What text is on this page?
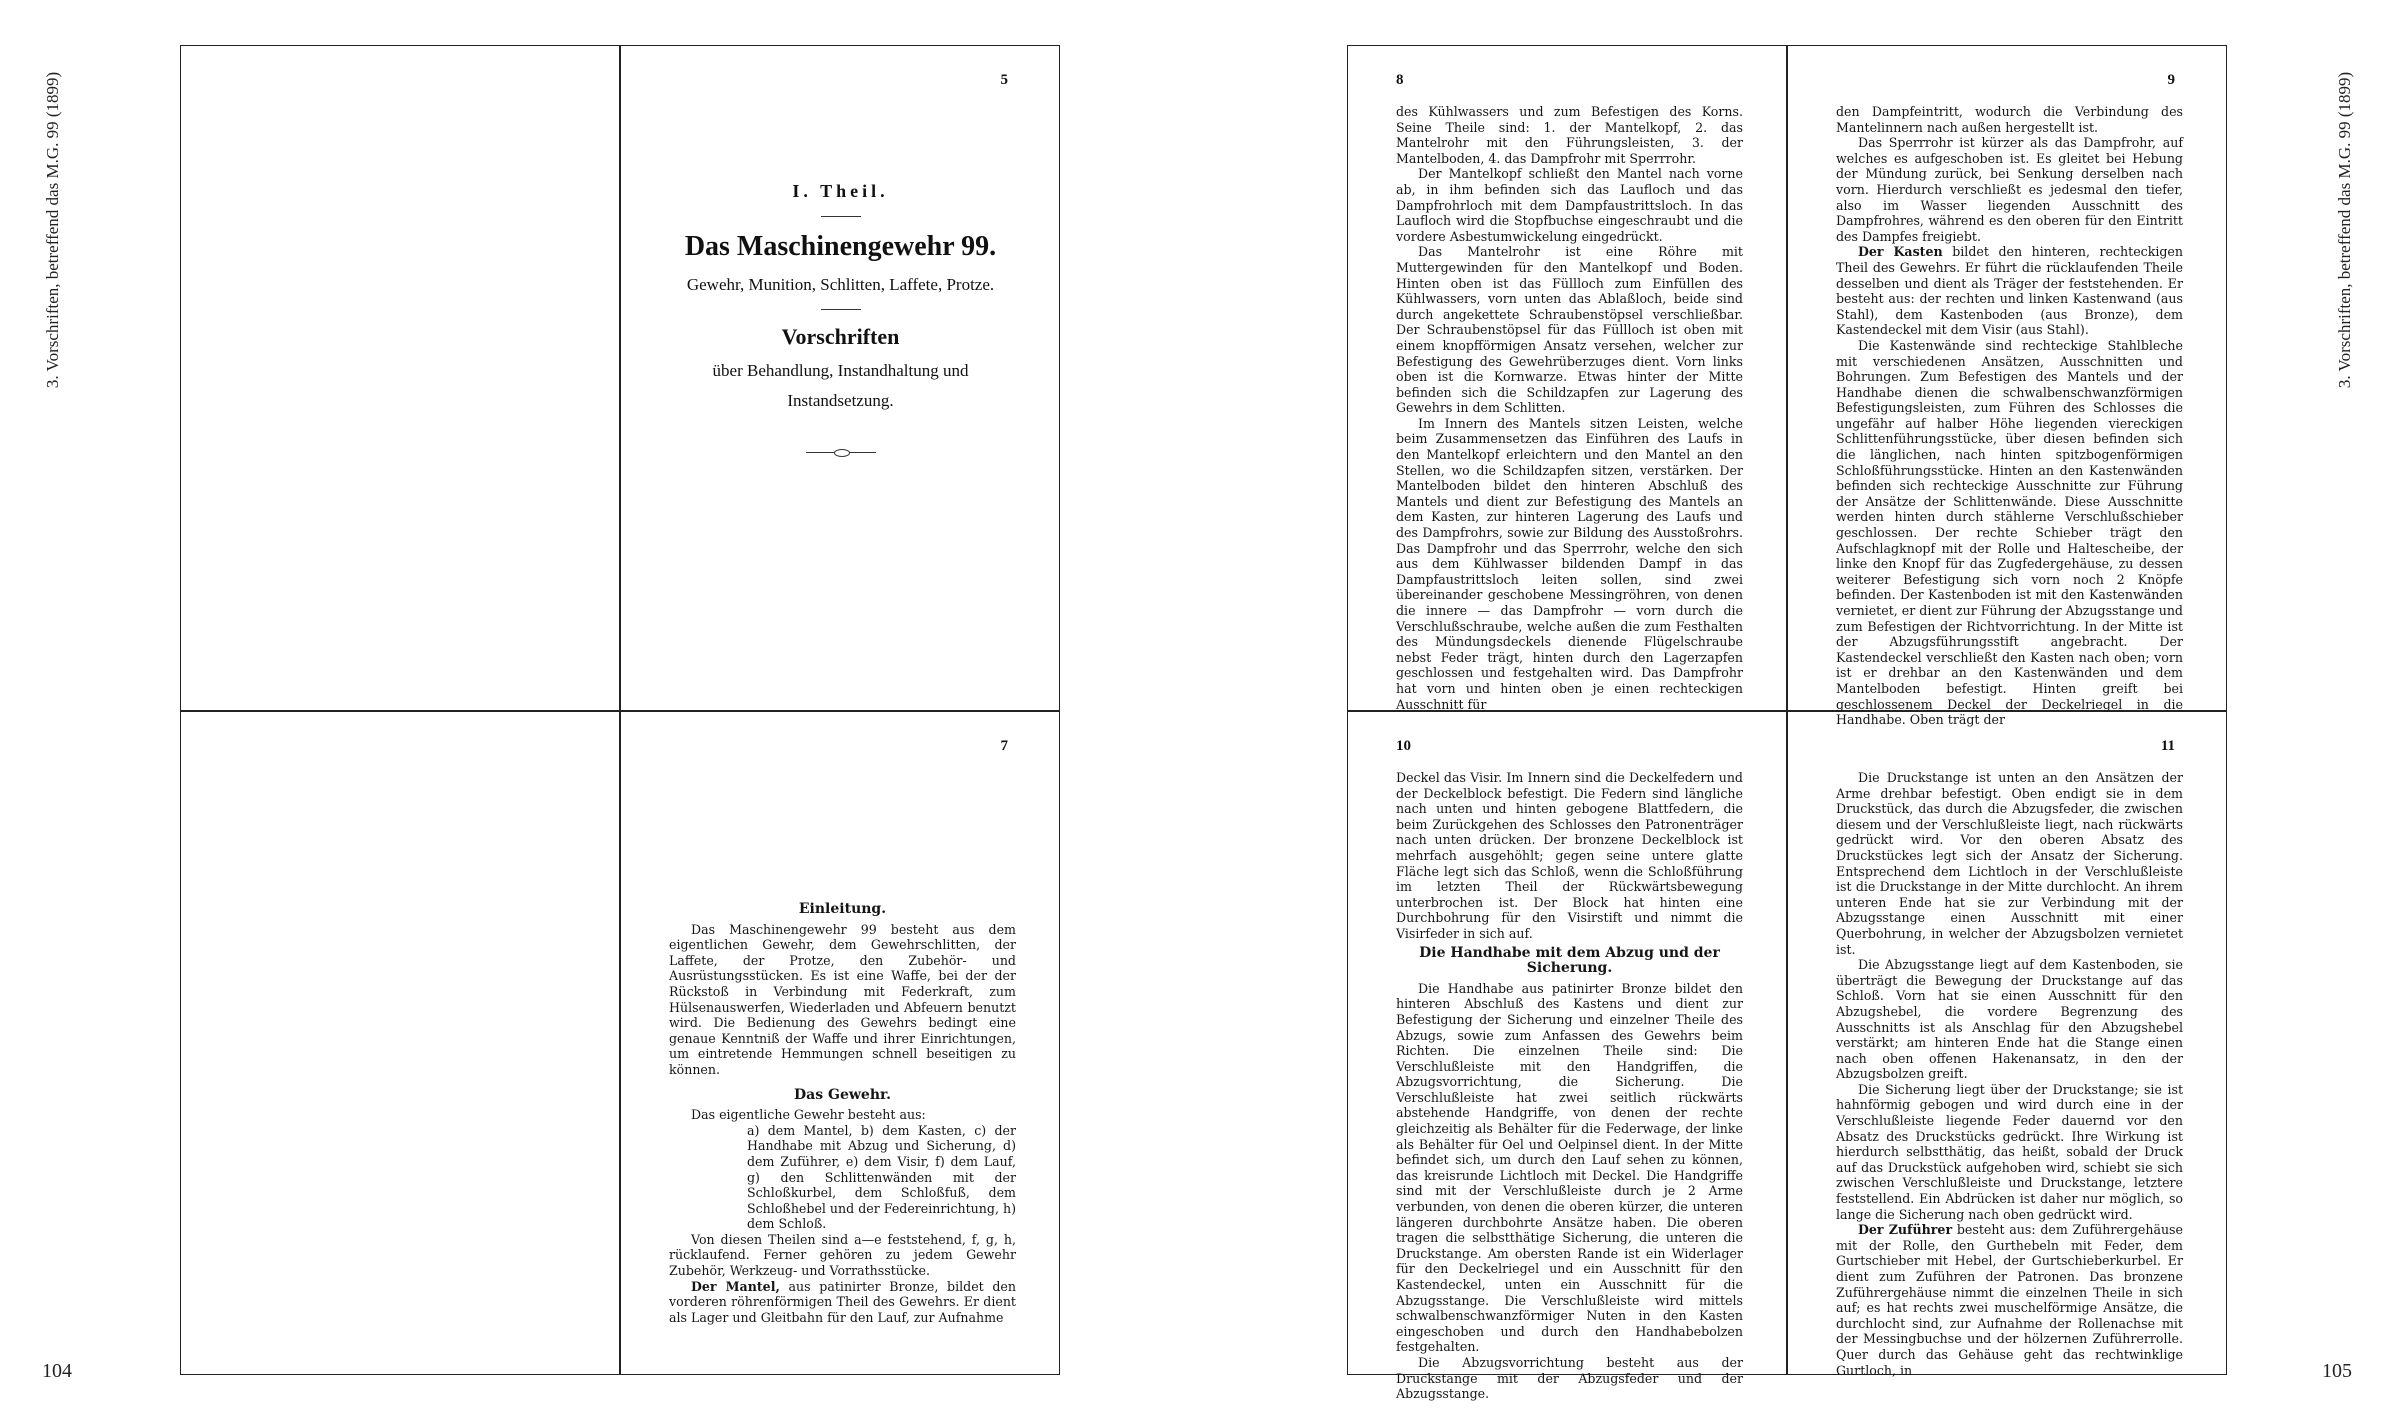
3. Vorschriften, betreffend das M.G. 99 (1899)	3. Vorschriften, betreffend das M.G. 99 (1899)
104	105
5
I. Theil.
Das Maschinengewehr 99.
Gewehr, Munition, Schlitten, Laffete, Protze.
Vorschriften
über Behandlung, Instandhaltung und
Instandsetzung.
7

Einleitung.

Das Maschinengewehr 99 besteht aus dem eigentlichen Gewehr, dem Gewehrschlitten, der Laffete, der Protze, den Zubehör- und Ausrüstungsstücken. Es ist eine Waffe, bei der der Rückstoß in Verbindung mit Federkraft, zum Hülsenauswerfen, Wiederladen und Abfeuern benutzt wird. Die Bedienung des Gewehrs bedingt eine genaue Kenntniß der Waffe und ihrer Einrichtungen, um eintretende Hemmungen schnell beseitigen zu können.

Das Gewehr.

Das eigentliche Gewehr besteht aus:

a) dem Mantel, b) dem Kasten, c) der Handhabe mit Abzug und Sicherung, d) dem Zuführer, e) dem Visir, f) dem Lauf, g) den Schlittenwänden mit der Schloßkurbel, dem Schloßfuß, dem Schloßhebel und der Federeinrichtung, h) dem Schloß.

Von diesen Theilen sind a—e feststehend, f, g, h, rücklaufend. Ferner gehören zu jedem Gewehr Zubehör, Werkzeug- und Vorrathsstücke.

Der Mantel, aus patinirter Bronze, bildet den vorderen röhrenförmigen Theil des Gewehrs. Er dient als Lager und Gleitbahn für den Lauf, zur Aufnahme

8

des Kühlwassers und zum Befestigen des Korns. Seine Theile sind: 1. der Mantelkopf, 2. das Mantelrohr mit den Führungsleisten, 3. der Mantelboden, 4. das Dampfrohr mit Sperrrohr.

Der Mantelkopf schließt den Mantel nach vorne ab, in ihm befinden sich das Laufloch und das Dampfrohrloch mit dem Dampfaustrittsloch. In das Laufloch wird die Stopfbuchse eingeschraubt und die vordere Asbestumwickelung eingedrückt.

Das Mantelrohr ist eine Röhre mit Muttergewinden für den Mantelkopf und Boden. Hinten oben ist das Füllloch zum Einfüllen des Kühlwassers, vorn unten das Ablaßloch, beide sind durch angekettete Schraubenstöpsel verschließbar. Der Schraubenstöpsel für das Füllloch ist oben mit einem knopfförmigen Ansatz versehen, welcher zur Befestigung des Gewehrüberzuges dient. Vorn links oben ist die Kornwarze. Etwas hinter der Mitte befinden sich die Schildzapfen zur Lagerung des Gewehrs in dem Schlitten.

Im Innern des Mantels sitzen Leisten, welche beim Zusammensetzen das Einführen des Laufs in den Mantelkopf erleichtern und den Mantel an den Stellen, wo die Schildzapfen sitzen, verstärken. Der Mantelboden bildet den hinteren Abschluß des Mantels und dient zur Befestigung des Mantels an dem Kasten, zur hinteren Lagerung des Laufs und des Dampfrohrs, sowie zur Bildung des Ausstoßrohrs. Das Dampfrohr und das Sperrrohr, welche den sich aus dem Kühlwasser bildenden Dampf in das Dampfaustrittsloch leiten sollen, sind zwei übereinander geschobene Messingröhren, von denen die innere — das Dampfrohr — vorn durch die Verschlußschraube, welche außen die zum Festhalten des Mündungsdeckels dienende Flügelschraube nebst Feder trägt, hinten durch den Lagerzapfen geschlossen und festgehalten wird. Das Dampfrohr hat vorn und hinten oben je einen rechteckigen Ausschnitt für

9

den Dampfeintritt, wodurch die Verbindung des Mantelinnern nach außen hergestellt ist.

Das Sperrrohr ist kürzer als das Dampfrohr, auf welches es aufgeschoben ist. Es gleitet bei Hebung der Mündung zurück, bei Senkung derselben nach vorn. Hierdurch verschließt es jedesmal den tiefer, also im Wasser liegenden Ausschnitt des Dampfrohres, während es den oberen für den Eintritt des Dampfes freigiebt.

Der Kasten bildet den hinteren, rechteckigen Theil des Gewehrs. Er führt die rücklaufenden Theile desselben und dient als Träger der feststehenden. Er besteht aus: der rechten und linken Kastenwand (aus Stahl), dem Kastenboden (aus Bronze), dem Kastendeckel mit dem Visir (aus Stahl).

Die Kastenwände sind rechteckige Stahlbleche mit verschiedenen Ansätzen, Ausschnitten und Bohrungen. Zum Befestigen des Mantels und der Handhabe dienen die schwalbenschwanzförmigen Befestigungsleisten, zum Führen des Schlosses die ungefähr auf halber Höhe liegenden viereckigen Schlittenführungsstücke, über diesen befinden sich die länglichen, nach hinten spitzbogenförmigen Schloßführungsstücke. Hinten an den Kastenwänden befinden sich rechteckige Ausschnitte zur Führung der Ansätze der Schlittenwände. Diese Ausschnitte werden hinten durch stählerne Verschlußschieber geschlossen. Der rechte Schieber trägt den Aufschlagknopf mit der Rolle und Haltescheibe, der linke den Knopf für das Zugfedergehäuse, zu dessen weiterer Befestigung sich vorn noch 2 Knöpfe befinden. Der Kastenboden ist mit den Kastenwänden vernietet, er dient zur Führung der Abzugsstange und zum Befestigen der Richtvorrichtung. In der Mitte ist der Abzugsführungsstift angebracht. Der Kastendeckel verschließt den Kasten nach oben; vorn ist er drehbar an den Kastenwänden und dem Mantelboden befestigt. Hinten greift bei geschlossenem Deckel der Deckelriegel in die Handhabe. Oben trägt der

10

Deckel das Visir. Im Innern sind die Deckelfedern und der Deckelblock befestigt. Die Federn sind längliche nach unten und hinten gebogene Blattfedern, die beim Zurückgehen des Schlosses den Patronenträger nach unten drücken. Der bronzene Deckelblock ist mehrfach ausgehöhlt; gegen seine untere glatte Fläche legt sich das Schloß, wenn die Schloßführung im letzten Theil der Rückwärtsbewegung unterbrochen ist. Der Block hat hinten eine Durchbohrung für den Visirstift und nimmt die Visirfeder in sich auf.

Die Handhabe mit dem Abzug und der Sicherung.

Die Handhabe aus patinirter Bronze bildet den hinteren Abschluß des Kastens und dient zur Befestigung der Sicherung und einzelner Theile des Abzugs, sowie zum Anfassen des Gewehrs beim Richten. Die einzelnen Theile sind: Die Verschlußleiste mit den Handgriffen, die Abzugsvorrichtung, die Sicherung. Die Verschlußleiste hat zwei seitlich rückwärts abstehende Handgriffe, von denen der rechte gleichzeitig als Behälter für die Federwage, der linke als Behälter für Oel und Oelpinsel dient. In der Mitte befindet sich, um durch den Lauf sehen zu können, das kreisrunde Lichtloch mit Deckel. Die Handgriffe sind mit der Verschlußleiste durch je 2 Arme verbunden, von denen die oberen kürzer, die unteren längeren durchbohrte Ansätze haben. Die oberen tragen die selbstthätige Sicherung, die unteren die Druckstange. Am obersten Rande ist ein Widerlager für den Deckelriegel und ein Ausschnitt für den Kastendeckel, unten ein Ausschnitt für die Abzugsstange. Die Verschlußleiste wird mittels schwalbenschwanzförmiger Nuten in den Kasten eingeschoben und durch den Handhabebolzen festgehalten.

Die Abzugsvorrichtung besteht aus der Druckstange mit der Abzugsfeder und der Abzugsstange.

11

Die Druckstange ist unten an den Ansätzen der Arme drehbar befestigt. Oben endigt sie in dem Druckstück, das durch die Abzugsfeder, die zwischen diesem und der Verschlußleiste liegt, nach rückwärts gedrückt wird. Vor den oberen Absatz des Druckstückes legt sich der Ansatz der Sicherung. Entsprechend dem Lichtloch in der Verschlußleiste ist die Druckstange in der Mitte durchlocht. An ihrem unteren Ende hat sie zur Verbindung mit der Abzugsstange einen Ausschnitt mit einer Querbohrung, in welcher der Abzugsbolzen vernietet ist.

Die Abzugsstange liegt auf dem Kastenboden, sie überträgt die Bewegung der Druckstange auf das Schloß. Vorn hat sie einen Ausschnitt für den Abzugshebel, die vordere Begrenzung des Ausschnitts ist als Anschlag für den Abzugshebel verstärkt; am hinteren Ende hat die Stange einen nach oben offenen Hakenansatz, in den der Abzugsbolzen greift.

Die Sicherung liegt über der Druckstange; sie ist hahnförmig gebogen und wird durch eine in der Verschlußleiste liegende Feder dauernd vor den Absatz des Druckstücks gedrückt. Ihre Wirkung ist hierdurch selbstthätig, das heißt, sobald der Druck auf das Druckstück aufgehoben wird, schiebt sie sich zwischen Verschlußleiste und Druckstange, letztere feststellend. Ein Abdrücken ist daher nur möglich, so lange die Sicherung nach oben gedrückt wird.

Der Zuführer besteht aus: dem Zuführergehäuse mit der Rolle, den Gurthebeln mit Feder, dem Gurtschieber mit Hebel, der Gurtschieberkurbel. Er dient zum Zuführen der Patronen. Das bronzene Zuführergehäuse nimmt die einzelnen Theile in sich auf; es hat rechts zwei muschelförmige Ansätze, die durchlocht sind, zur Aufnahme der Rollenachse mit der Messingbuchse und der hölzernen Zuführerrolle. Quer durch das Gehäuse geht das rechtwinklige Gurtloch, in
